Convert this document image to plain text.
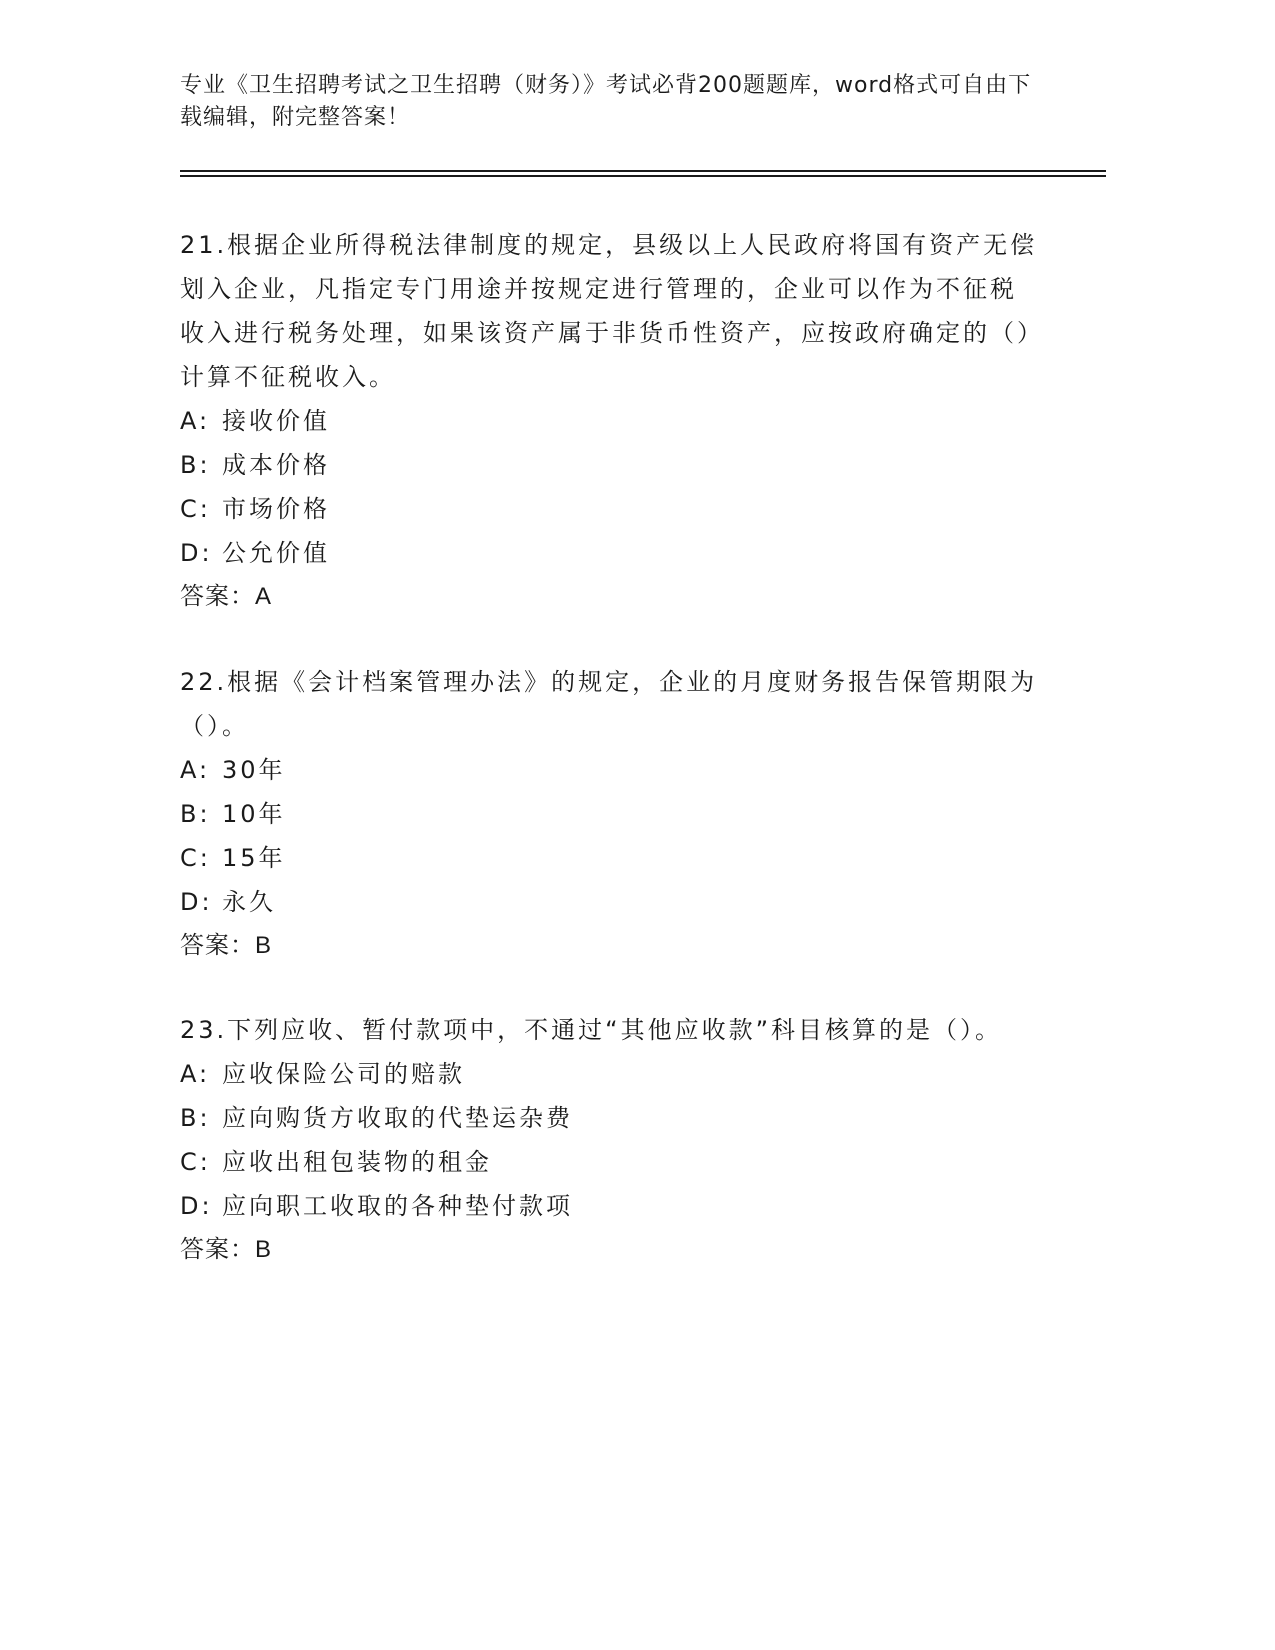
专业《卫生招聘考试之卫生招聘（财务）》考试必背200题题库，word格式可自由下载编辑，附完整答案！

21.根据企业所得税法律制度的规定，县级以上人民政府将国有资产无偿划入企业，凡指定专门用途并按规定进行管理的，企业可以作为不征税收入进行税务处理，如果该资产属于非货币性资产，应按政府确定的（）计算不征税收入。

A: 接收价值

B: 成本价格

C: 市场价格

D: 公允价值

答案：A

22.根据《会计档案管理办法》的规定，企业的月度财务报告保管期限为（）。

A: 30年

B: 10年

C: 15年

D: 永久

答案：B

23.下列应收、暂付款项中，不通过“其他应收款”科目核算的是（）。

A: 应收保险公司的赔款

B: 应向购货方收取的代垫运杂费

C: 应收出租包装物的租金

D: 应向职工收取的各种垫付款项

答案：B
